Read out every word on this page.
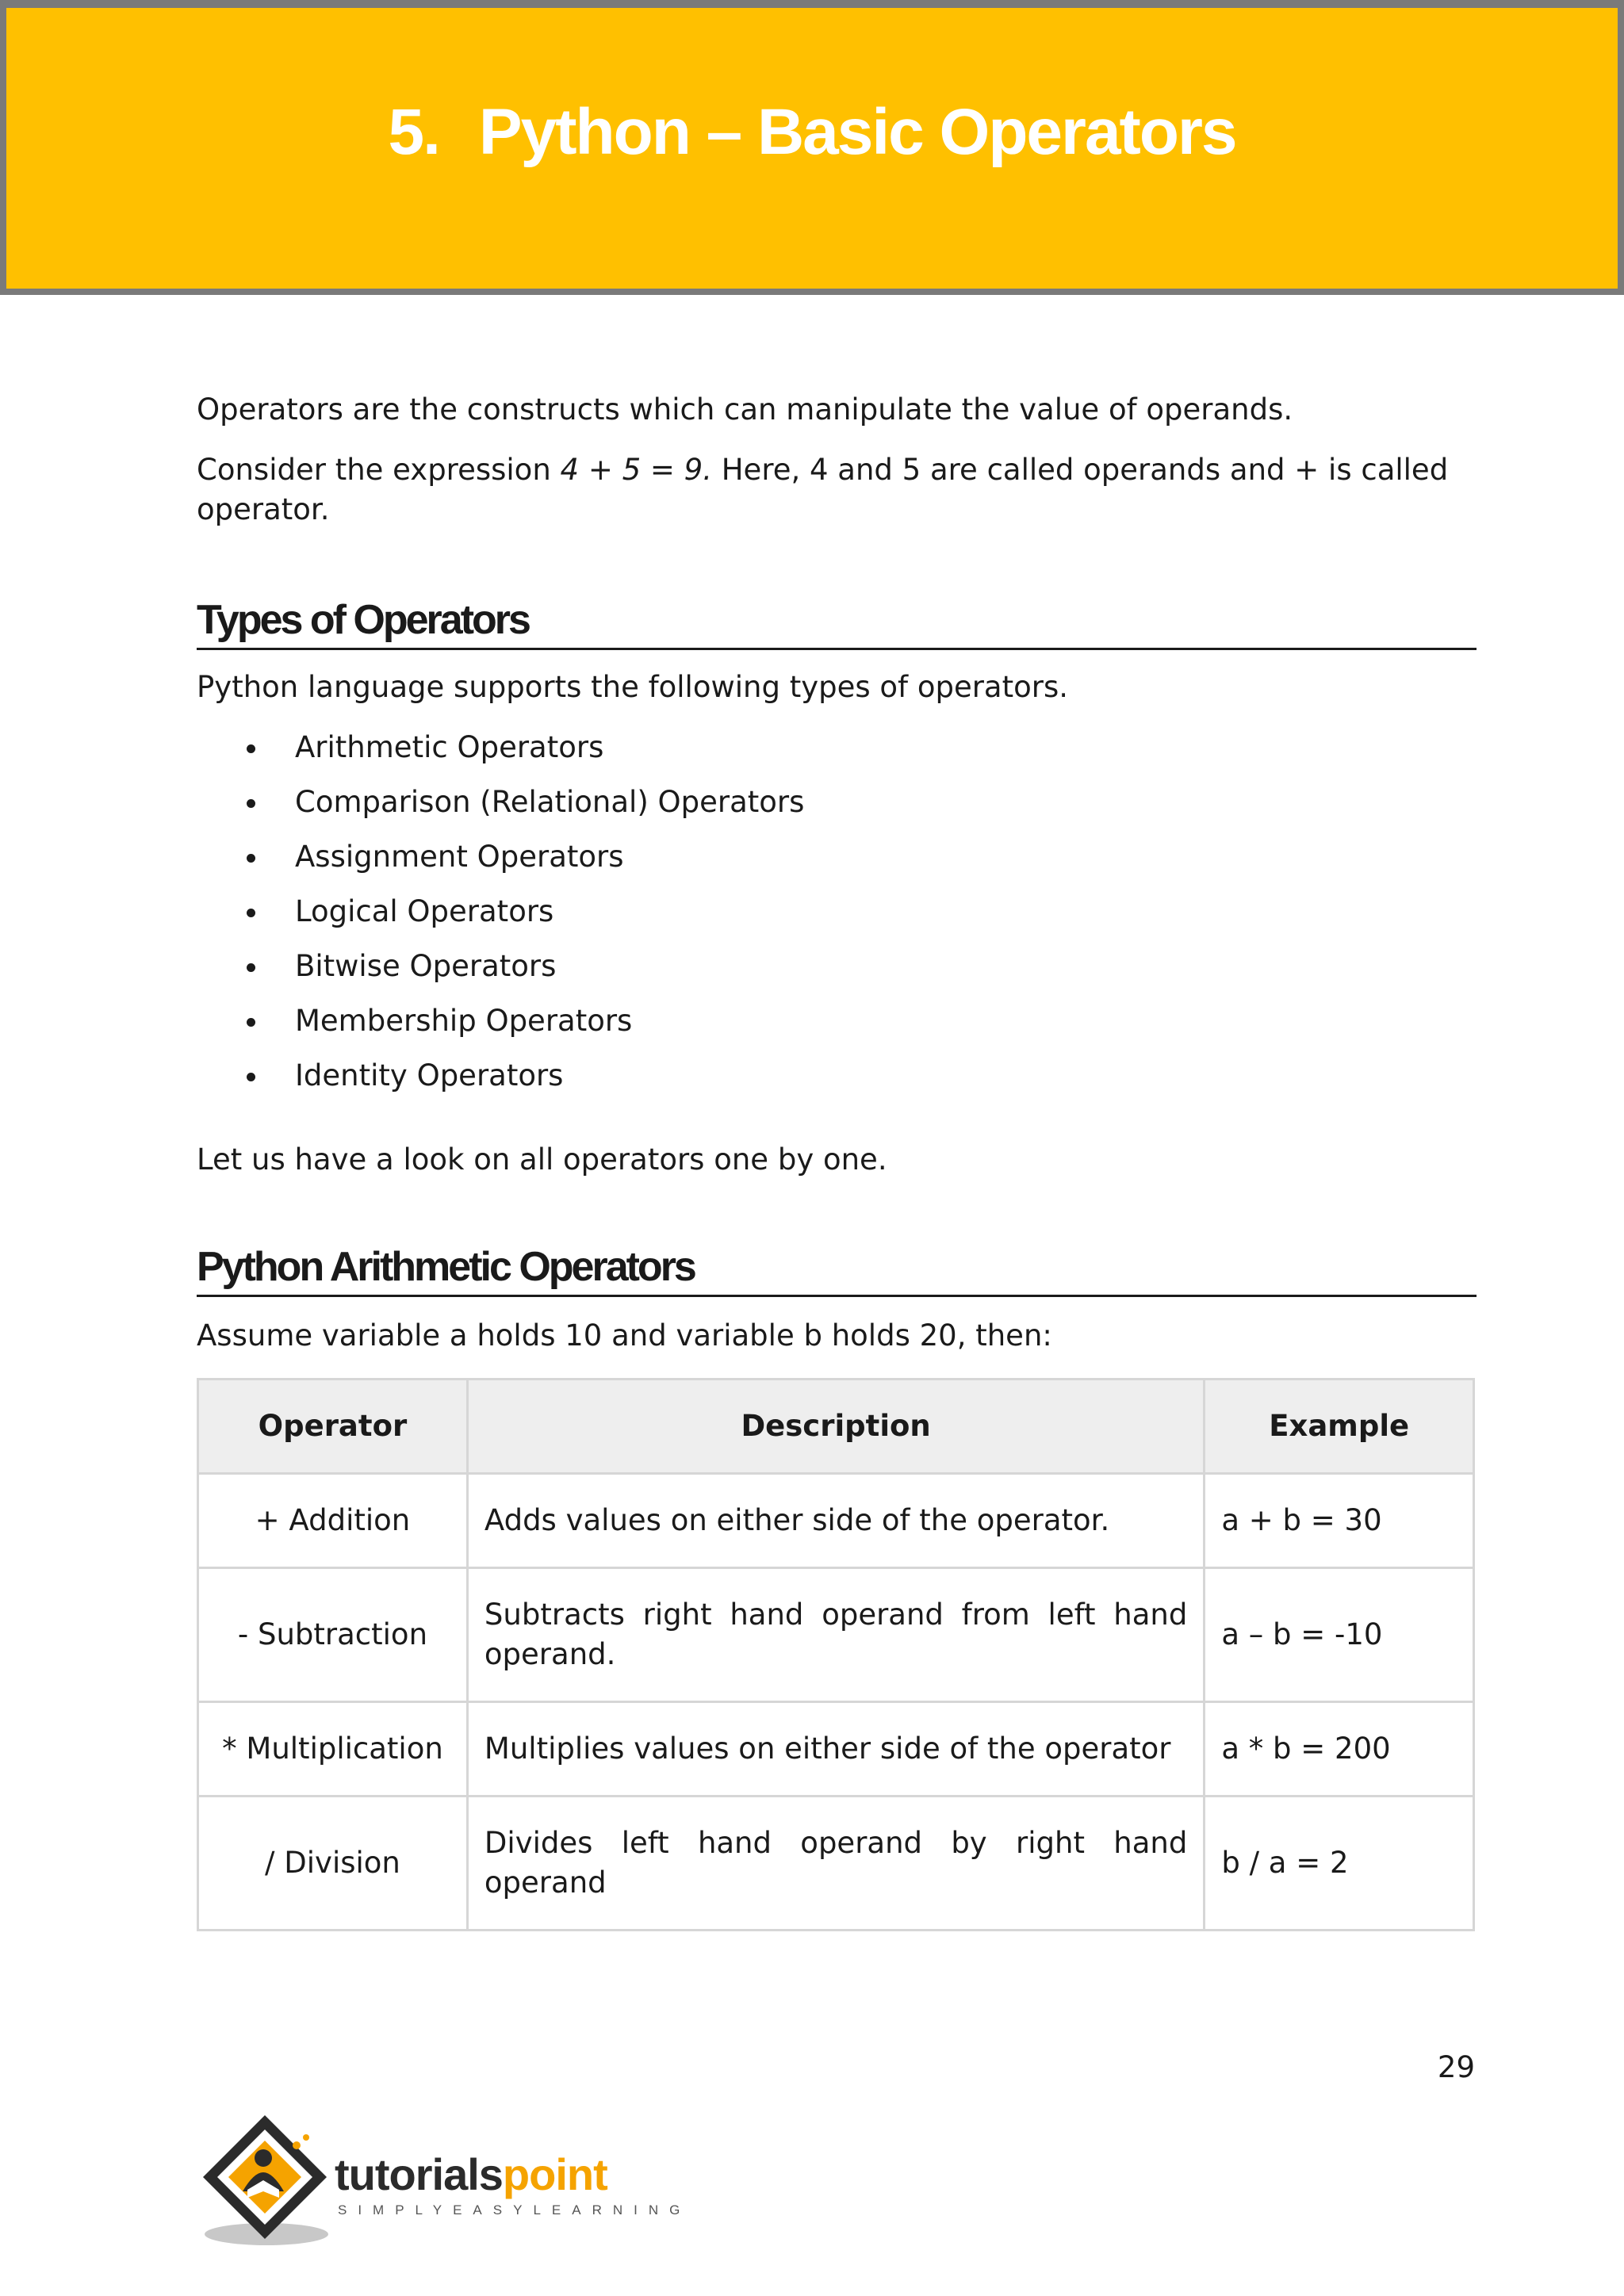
5. Python – Basic Operators
Operators are the constructs which can manipulate the value of operands.
Consider the expression 4 + 5 = 9. Here, 4 and 5 are called operands and + is called operator.
Types of Operators
Python language supports the following types of operators.
Arithmetic Operators
Comparison (Relational) Operators
Assignment Operators
Logical Operators
Bitwise Operators
Membership Operators
Identity Operators
Let us have a look on all operators one by one.
Python Arithmetic Operators
Assume variable a holds 10 and variable b holds 20, then:
Operator	Description	Example
+ Addition	Adds values on either side of the operator.	a + b = 30
- Subtraction	Subtracts right hand operand from left hand operand.	a – b = -10
* Multiplication	Multiplies values on either side of the operator	a * b = 200
/ Division	Divides left hand operand by right hand operand	b / a = 2
29
tutorialspoint
SIMPLYEASYLEARNING
